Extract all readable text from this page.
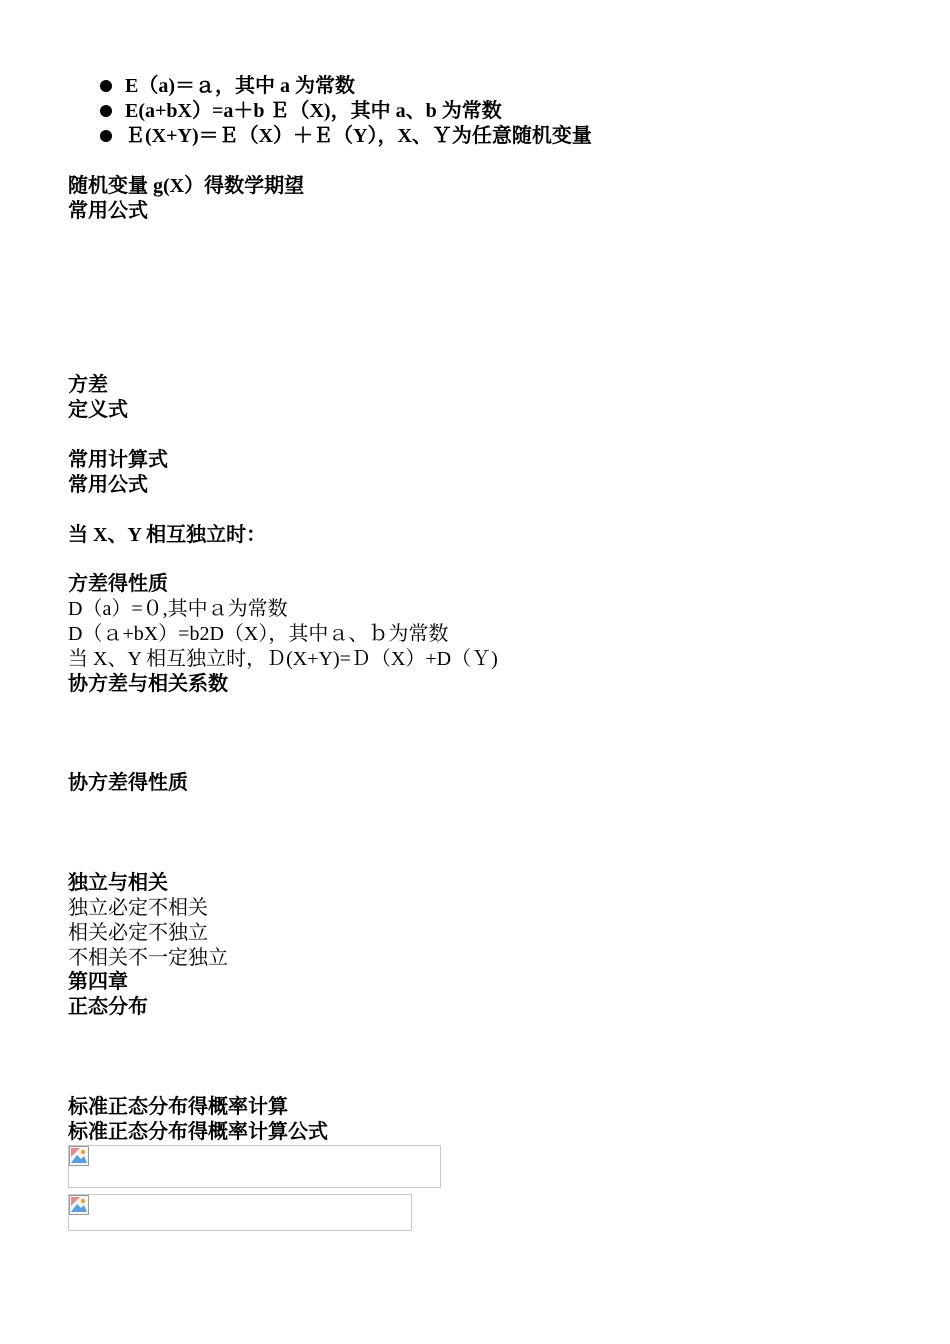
E（a)＝ａ，其中 a 为常数
E(a+bX）=a＋b Ｅ（X)，其中 a、b 为常数
Ｅ(X+Y)＝Ｅ（X）＋Ｅ（Y），X、Ｙ为任意随机变量
随机变量 g(X）得数学期望
常用公式
方差
定义式
常用计算式
常用公式
当 X、Y 相互独立时：
方差得性质
D（a）=０,其中ａ为常数
D（ａ+bX）=b2D（X），其中ａ、ｂ为常数
当 X、Y 相互独立时，Ｄ(X+Y)=Ｄ（X）+D（Ｙ)
协方差与相关系数
协方差得性质
独立与相关
独立必定不相关
相关必定不独立
不相关不一定独立
第四章
正态分布
标准正态分布得概率计算
标准正态分布得概率计算公式
